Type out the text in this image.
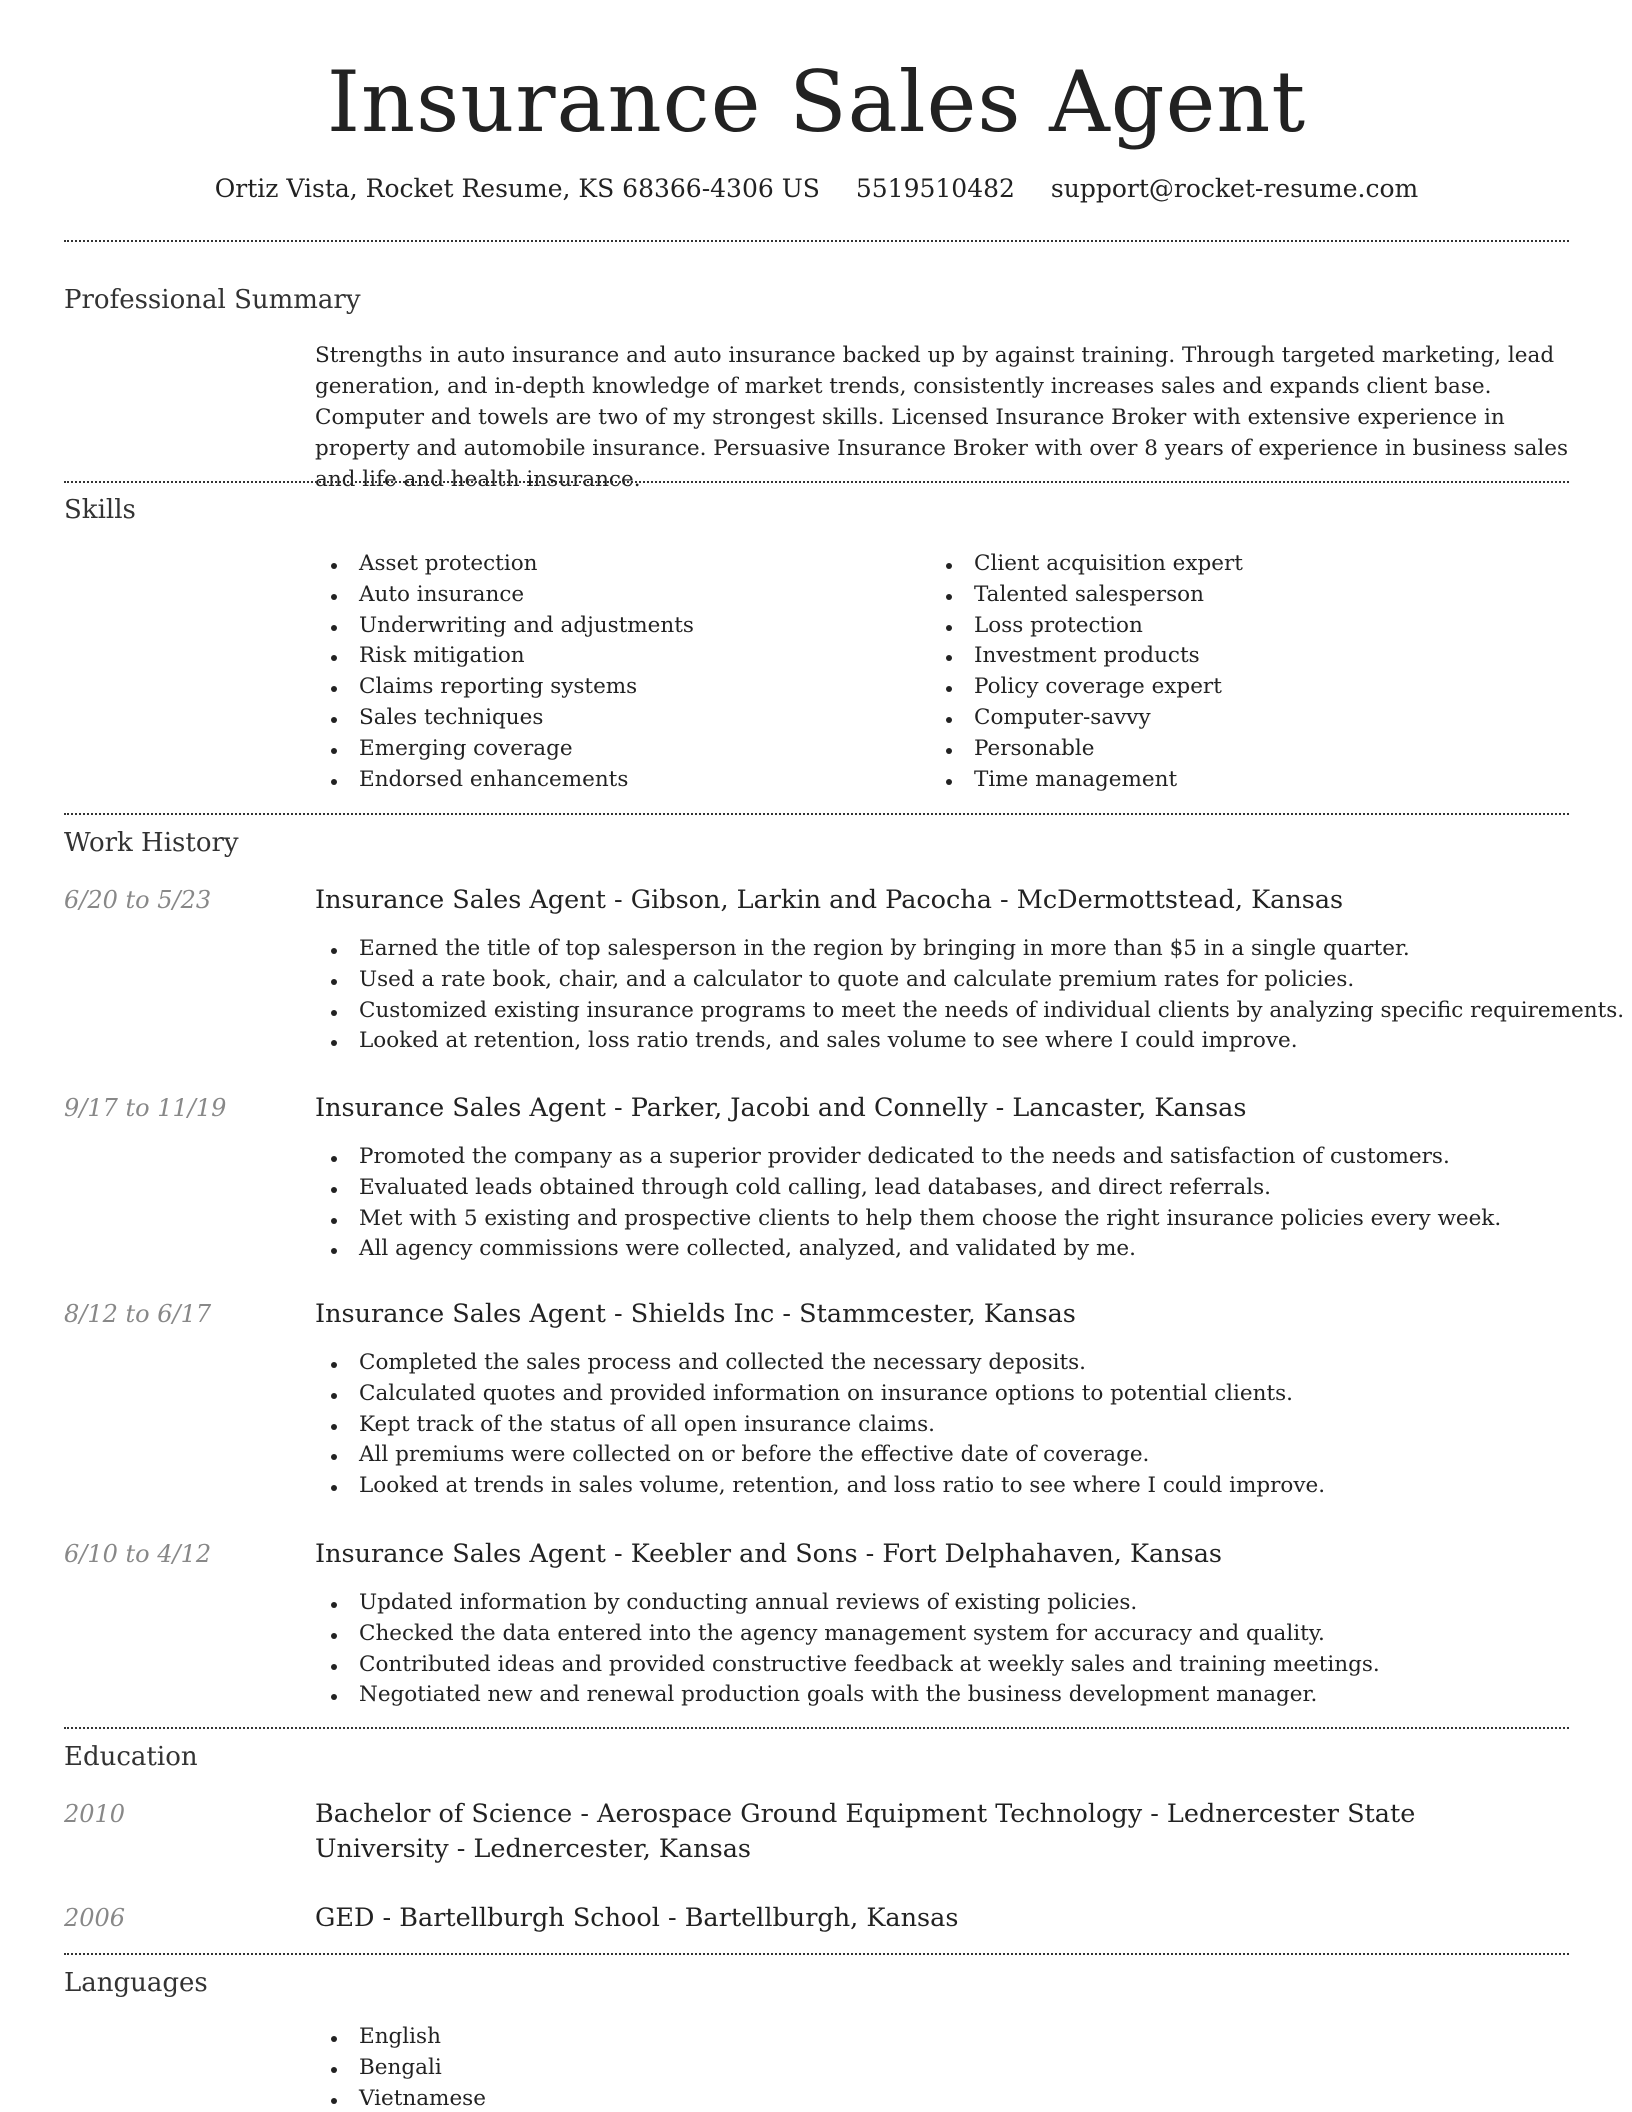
Insurance Sales Agent
Ortiz Vista, Rocket Resume, KS 68366-4306 US 5519510482 support@rocket-resume.com
Professional Summary

Strengths in auto insurance and auto insurance backed up by against training. Through targeted marketing, lead generation, and in-depth knowledge of market trends, consistently increases sales and expands client base. Computer and towels are two of my strongest skills. Licensed Insurance Broker with extensive experience in property and automobile insurance. Persuasive Insurance Broker with over 8 years of experience in business sales and life and health insurance.

Skills
Asset protection
Auto insurance
Underwriting and adjustments
Risk mitigation
Claims reporting systems
Sales techniques
Emerging coverage
Endorsed enhancements
Client acquisition expert
Talented salesperson
Loss protection
Investment products
Policy coverage expert
Computer-savvy
Personable
Time management
Work History
6/20 to 5/23	Insurance Sales Agent - Gibson, Larkin and Pacocha - McDermottstead, Kansas
Earned the title of top salesperson in the region by bringing in more than $5 in a single quarter.
Used a rate book, chair, and a calculator to quote and calculate premium rates for policies.
Customized existing insurance programs to meet the needs of individual clients by analyzing specific requirements.
Looked at retention, loss ratio trends, and sales volume to see where I could improve.
9/17 to 11/19	Insurance Sales Agent - Parker, Jacobi and Connelly - Lancaster, Kansas
Promoted the company as a superior provider dedicated to the needs and satisfaction of customers.
Evaluated leads obtained through cold calling, lead databases, and direct referrals.
Met with 5 existing and prospective clients to help them choose the right insurance policies every week.
All agency commissions were collected, analyzed, and validated by me.
8/12 to 6/17	Insurance Sales Agent - Shields Inc - Stammcester, Kansas
Completed the sales process and collected the necessary deposits.
Calculated quotes and provided information on insurance options to potential clients.
Kept track of the status of all open insurance claims.
All premiums were collected on or before the effective date of coverage.
Looked at trends in sales volume, retention, and loss ratio to see where I could improve.
6/10 to 4/12	Insurance Sales Agent - Keebler and Sons - Fort Delphahaven, Kansas
Updated information by conducting annual reviews of existing policies.
Checked the data entered into the agency management system for accuracy and quality.
Contributed ideas and provided constructive feedback at weekly sales and training meetings.
Negotiated new and renewal production goals with the business development manager.
Education
2010	Bachelor of Science - Aerospace Ground Equipment Technology - Lednercester State University - Lednercester, Kansas
2006	GED - Bartellburgh School - Bartellburgh, Kansas
Languages
English
Bengali
Vietnamese
